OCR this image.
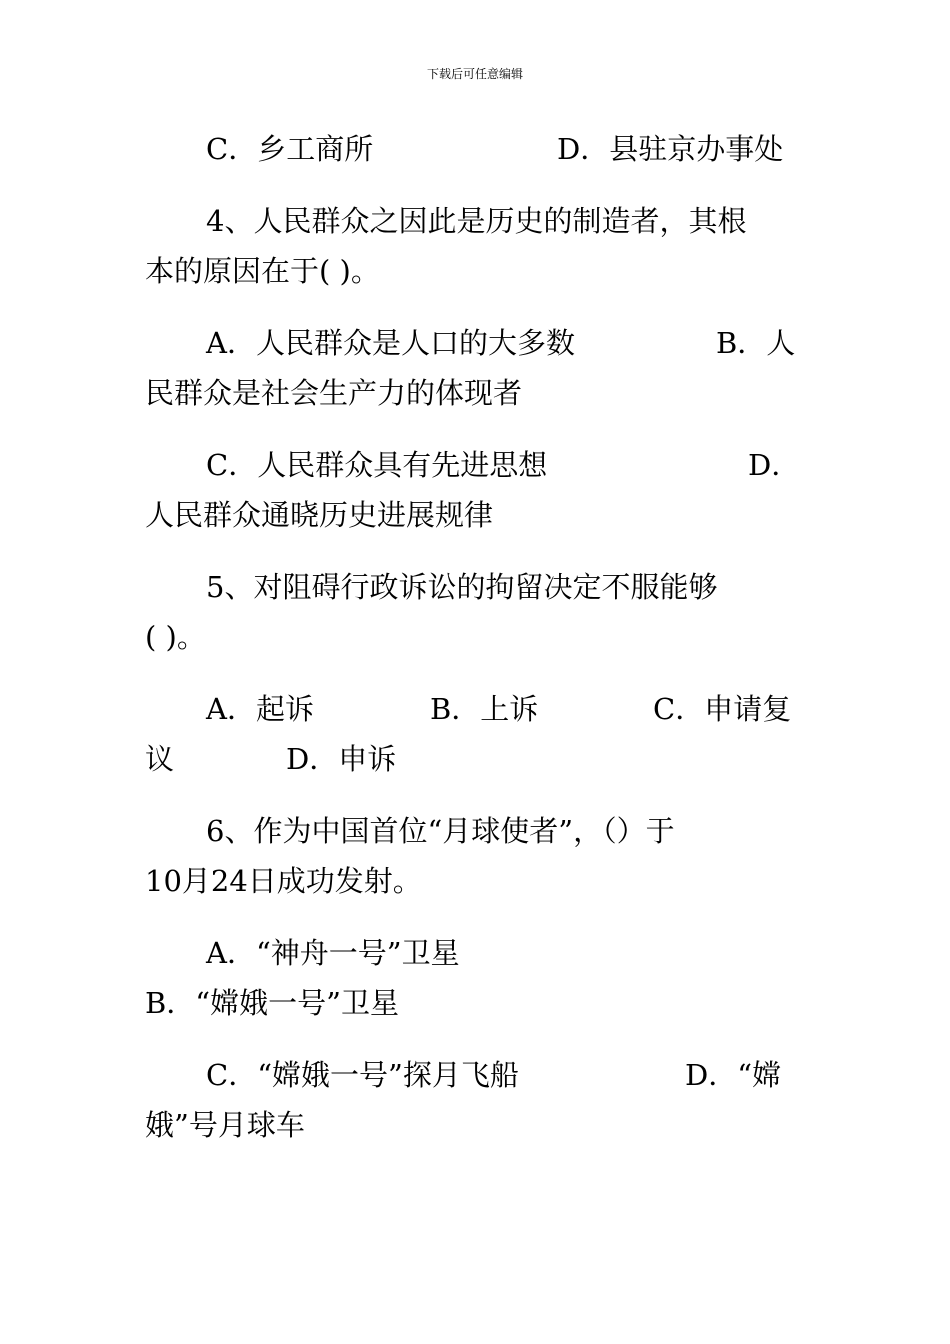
下载后可任意编辑
C．乡工商所	D．县驻京办事处
4、人民群众之因此是历史的制造者，其根
本的原因在于( )。
A．人民群众是人口的大多数	B．人
民群众是社会生产力的体现者
C．人民群众具有先进思想	D．
人民群众通晓历史进展规律
5、对阻碍行政诉讼的拘留决定不服能够
( )。
A．起诉	B．上诉	C．申请复
议	D．申诉
6、作为中国首位“月球使者”，（）于
10月24日成功发射。
A．“神舟一号”卫星
B．“嫦娥一号”卫星
C．“嫦娥一号”探月飞船	D．“嫦
娥”号月球车
